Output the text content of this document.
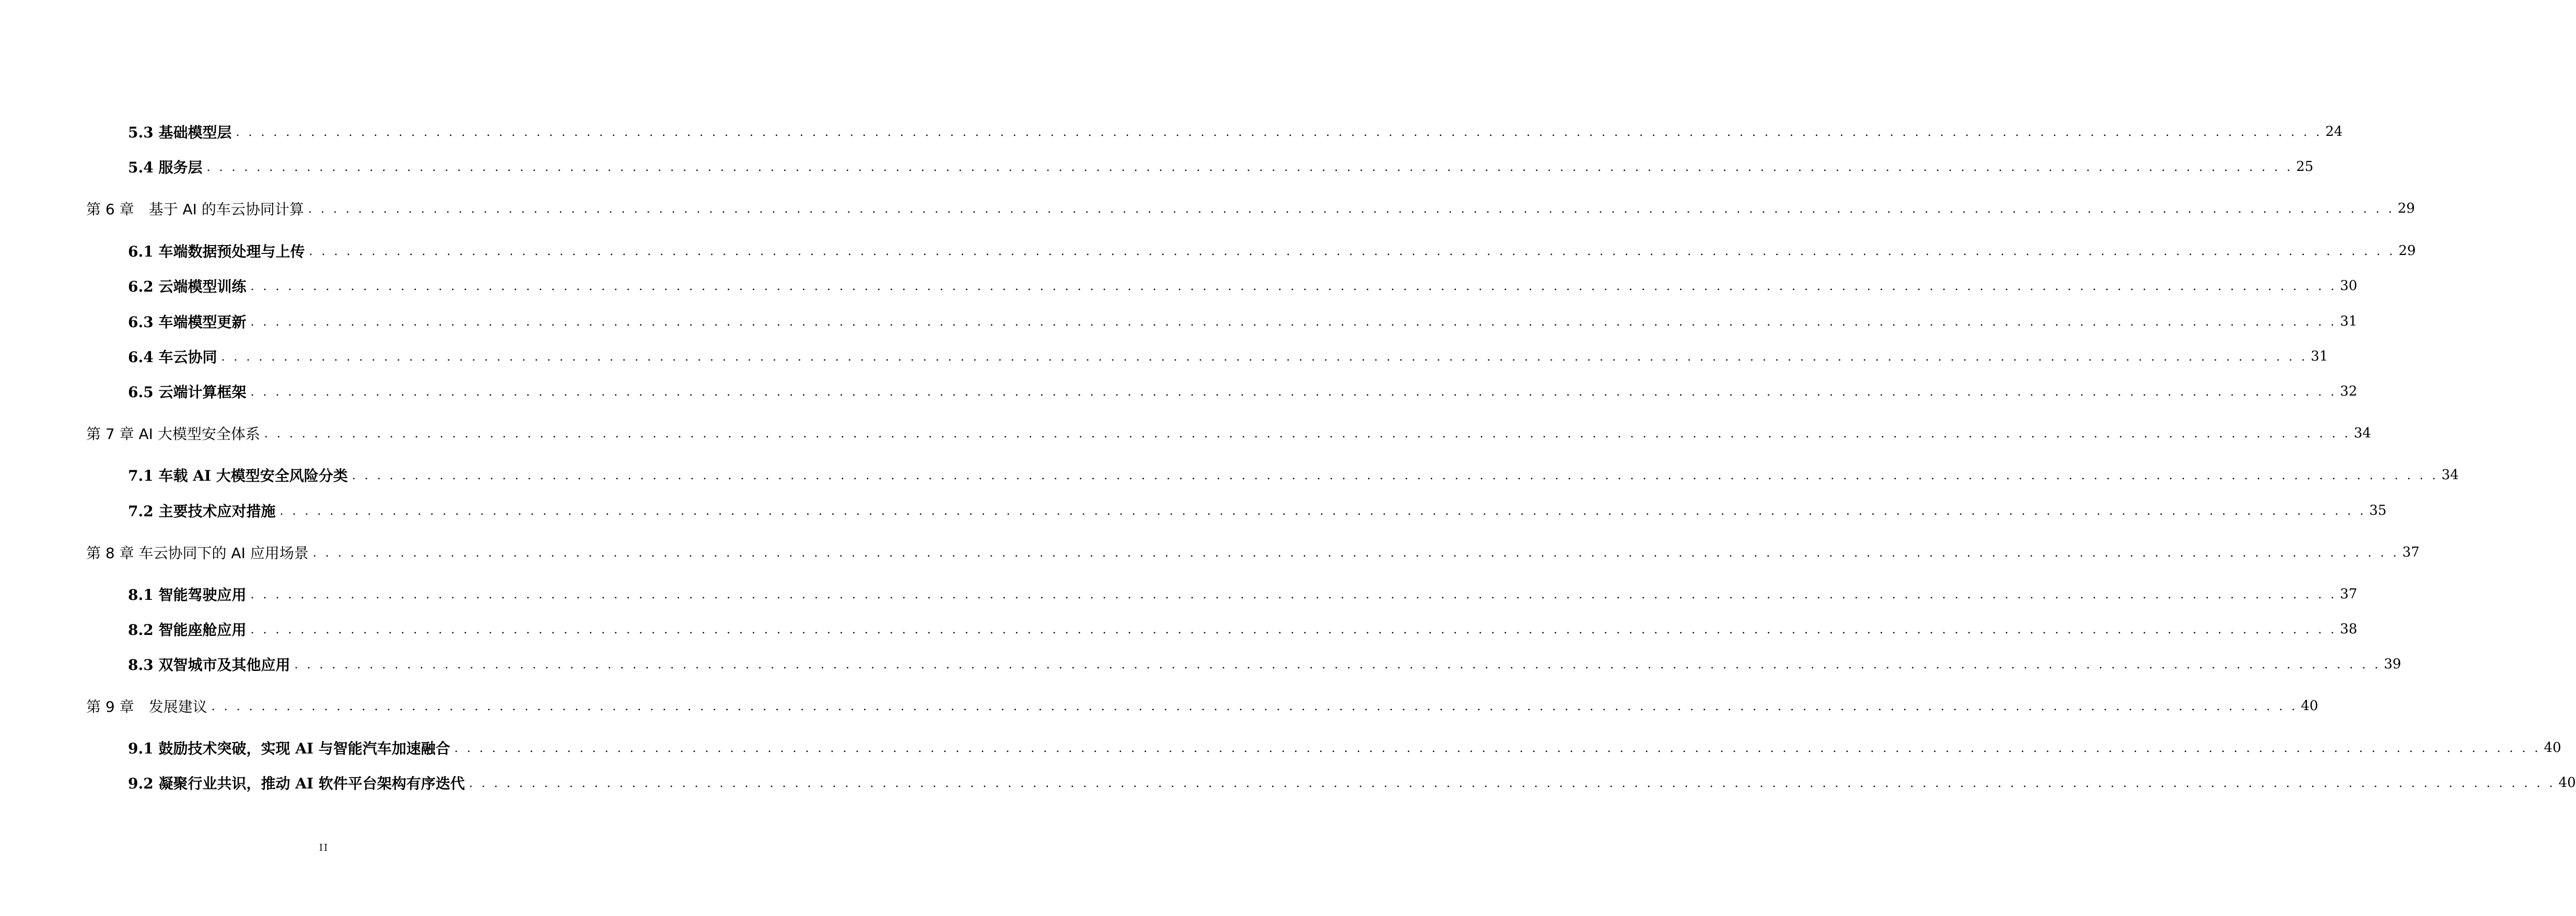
5.3 基础模型层 . . . . . . . . . . . . . . . . . . . . . . . . . . . . . . . . . . . . . . . . . . . . . . . . . . . . . . . . . . . . . . . . . . . . . . . . . . . . . . . . . . . . . . . . . . . . . . . . . . . . . . . . . . . . . . . . . . . . . . . . . . . . . . . . . . . . . . . . . . . . . . . . . . . . . . . . . . . . . . . . . . . . . . . 24
5.4 服务层 . . . . . . . . . . . . . . . . . . . . . . . . . . . . . . . . . . . . . . . . . . . . . . . . . . . . . . . . . . . . . . . . . . . . . . . . . . . . . . . . . . . . . . . . . . . . . . . . . . . . . . . . . . . . . . . . . . . . . . . . . . . . . . . . . . . . . . . . . . . . . . . . . . . . . . . . . . . . . . . . . . . . . . . 25
第 6 章　基于 AI 的车云协同计算 . . . . . . . . . . . . . . . . . . . . . . . . . . . . . . . . . . . . . . . . . . . . . . . . . . . . . . . . . . . . . . . . . . . . . . . . . . . . . . . . . . . . . . . . . . . . . . . . . . . . . . . . . . . . . . . . . . . . . . . . . . . . . . . . . . . . . . . . . . . . . . . . . . . . . . . . . . . . . . . . . . . . . . . 29
6.1 车端数据预处理与上传 . . . . . . . . . . . . . . . . . . . . . . . . . . . . . . . . . . . . . . . . . . . . . . . . . . . . . . . . . . . . . . . . . . . . . . . . . . . . . . . . . . . . . . . . . . . . . . . . . . . . . . . . . . . . . . . . . . . . . . . . . . . . . . . . . . . . . . . . . . . . . . . . . . . . . . . . . . . . . . . . . . . . . . . 29
6.2 云端模型训练 . . . . . . . . . . . . . . . . . . . . . . . . . . . . . . . . . . . . . . . . . . . . . . . . . . . . . . . . . . . . . . . . . . . . . . . . . . . . . . . . . . . . . . . . . . . . . . . . . . . . . . . . . . . . . . . . . . . . . . . . . . . . . . . . . . . . . . . . . . . . . . . . . . . . . . . . . . . . . . . . . . . . . . . 30
6.3 车端模型更新 . . . . . . . . . . . . . . . . . . . . . . . . . . . . . . . . . . . . . . . . . . . . . . . . . . . . . . . . . . . . . . . . . . . . . . . . . . . . . . . . . . . . . . . . . . . . . . . . . . . . . . . . . . . . . . . . . . . . . . . . . . . . . . . . . . . . . . . . . . . . . . . . . . . . . . . . . . . . . . . . . . . . . . . 31
6.4 车云协同 . . . . . . . . . . . . . . . . . . . . . . . . . . . . . . . . . . . . . . . . . . . . . . . . . . . . . . . . . . . . . . . . . . . . . . . . . . . . . . . . . . . . . . . . . . . . . . . . . . . . . . . . . . . . . . . . . . . . . . . . . . . . . . . . . . . . . . . . . . . . . . . . . . . . . . . . . . . . . . . . . . . . . . . 31
6.5 云端计算框架 . . . . . . . . . . . . . . . . . . . . . . . . . . . . . . . . . . . . . . . . . . . . . . . . . . . . . . . . . . . . . . . . . . . . . . . . . . . . . . . . . . . . . . . . . . . . . . . . . . . . . . . . . . . . . . . . . . . . . . . . . . . . . . . . . . . . . . . . . . . . . . . . . . . . . . . . . . . . . . . . . . . . . . . 32
第 7 章 AI 大模型安全体系 . . . . . . . . . . . . . . . . . . . . . . . . . . . . . . . . . . . . . . . . . . . . . . . . . . . . . . . . . . . . . . . . . . . . . . . . . . . . . . . . . . . . . . . . . . . . . . . . . . . . . . . . . . . . . . . . . . . . . . . . . . . . . . . . . . . . . . . . . . . . . . . . . . . . . . . . . . . . . . . . . . . . . . . 34
7.1 车载 AI 大模型安全风险分类 . . . . . . . . . . . . . . . . . . . . . . . . . . . . . . . . . . . . . . . . . . . . . . . . . . . . . . . . . . . . . . . . . . . . . . . . . . . . . . . . . . . . . . . . . . . . . . . . . . . . . . . . . . . . . . . . . . . . . . . . . . . . . . . . . . . . . . . . . . . . . . . . . . . . . . . . . . . . . . . . . . . . . . . 34
7.2 主要技术应对措施 . . . . . . . . . . . . . . . . . . . . . . . . . . . . . . . . . . . . . . . . . . . . . . . . . . . . . . . . . . . . . . . . . . . . . . . . . . . . . . . . . . . . . . . . . . . . . . . . . . . . . . . . . . . . . . . . . . . . . . . . . . . . . . . . . . . . . . . . . . . . . . . . . . . . . . . . . . . . . . . . . . . . . . . 35
第 8 章 车云协同下的 AI 应用场景 . . . . . . . . . . . . . . . . . . . . . . . . . . . . . . . . . . . . . . . . . . . . . . . . . . . . . . . . . . . . . . . . . . . . . . . . . . . . . . . . . . . . . . . . . . . . . . . . . . . . . . . . . . . . . . . . . . . . . . . . . . . . . . . . . . . . . . . . . . . . . . . . . . . . . . . . . . . . . . . . . . . . . . . 37
8.1 智能驾驶应用 . . . . . . . . . . . . . . . . . . . . . . . . . . . . . . . . . . . . . . . . . . . . . . . . . . . . . . . . . . . . . . . . . . . . . . . . . . . . . . . . . . . . . . . . . . . . . . . . . . . . . . . . . . . . . . . . . . . . . . . . . . . . . . . . . . . . . . . . . . . . . . . . . . . . . . . . . . . . . . . . . . . . . . . 37
8.2 智能座舱应用 . . . . . . . . . . . . . . . . . . . . . . . . . . . . . . . . . . . . . . . . . . . . . . . . . . . . . . . . . . . . . . . . . . . . . . . . . . . . . . . . . . . . . . . . . . . . . . . . . . . . . . . . . . . . . . . . . . . . . . . . . . . . . . . . . . . . . . . . . . . . . . . . . . . . . . . . . . . . . . . . . . . . . . . 38
8.3 双智城市及其他应用 . . . . . . . . . . . . . . . . . . . . . . . . . . . . . . . . . . . . . . . . . . . . . . . . . . . . . . . . . . . . . . . . . . . . . . . . . . . . . . . . . . . . . . . . . . . . . . . . . . . . . . . . . . . . . . . . . . . . . . . . . . . . . . . . . . . . . . . . . . . . . . . . . . . . . . . . . . . . . . . . . . . . . . . 39
第 9 章　发展建议 . . . . . . . . . . . . . . . . . . . . . . . . . . . . . . . . . . . . . . . . . . . . . . . . . . . . . . . . . . . . . . . . . . . . . . . . . . . . . . . . . . . . . . . . . . . . . . . . . . . . . . . . . . . . . . . . . . . . . . . . . . . . . . . . . . . . . . . . . . . . . . . . . . . . . . . . . . . . . . . . . . . . . . . 40
9.1 鼓励技术突破，实现 AI 与智能汽车加速融合 . . . . . . . . . . . . . . . . . . . . . . . . . . . . . . . . . . . . . . . . . . . . . . . . . . . . . . . . . . . . . . . . . . . . . . . . . . . . . . . . . . . . . . . . . . . . . . . . . . . . . . . . . . . . . . . . . . . . . . . . . . . . . . . . . . . . . . . . . . . . . . . . . . . . . . . . . . . . . . . . . . . . . . . 40
9.2 凝聚行业共识，推动 AI 软件平台架构有序迭代 . . . . . . . . . . . . . . . . . . . . . . . . . . . . . . . . . . . . . . . . . . . . . . . . . . . . . . . . . . . . . . . . . . . . . . . . . . . . . . . . . . . . . . . . . . . . . . . . . . . . . . . . . . . . . . . . . . . . . . . . . . . . . . . . . . . . . . . . . . . . . . . . . . . . . . . . . . . . . . . . . . . . . . . 40
II
